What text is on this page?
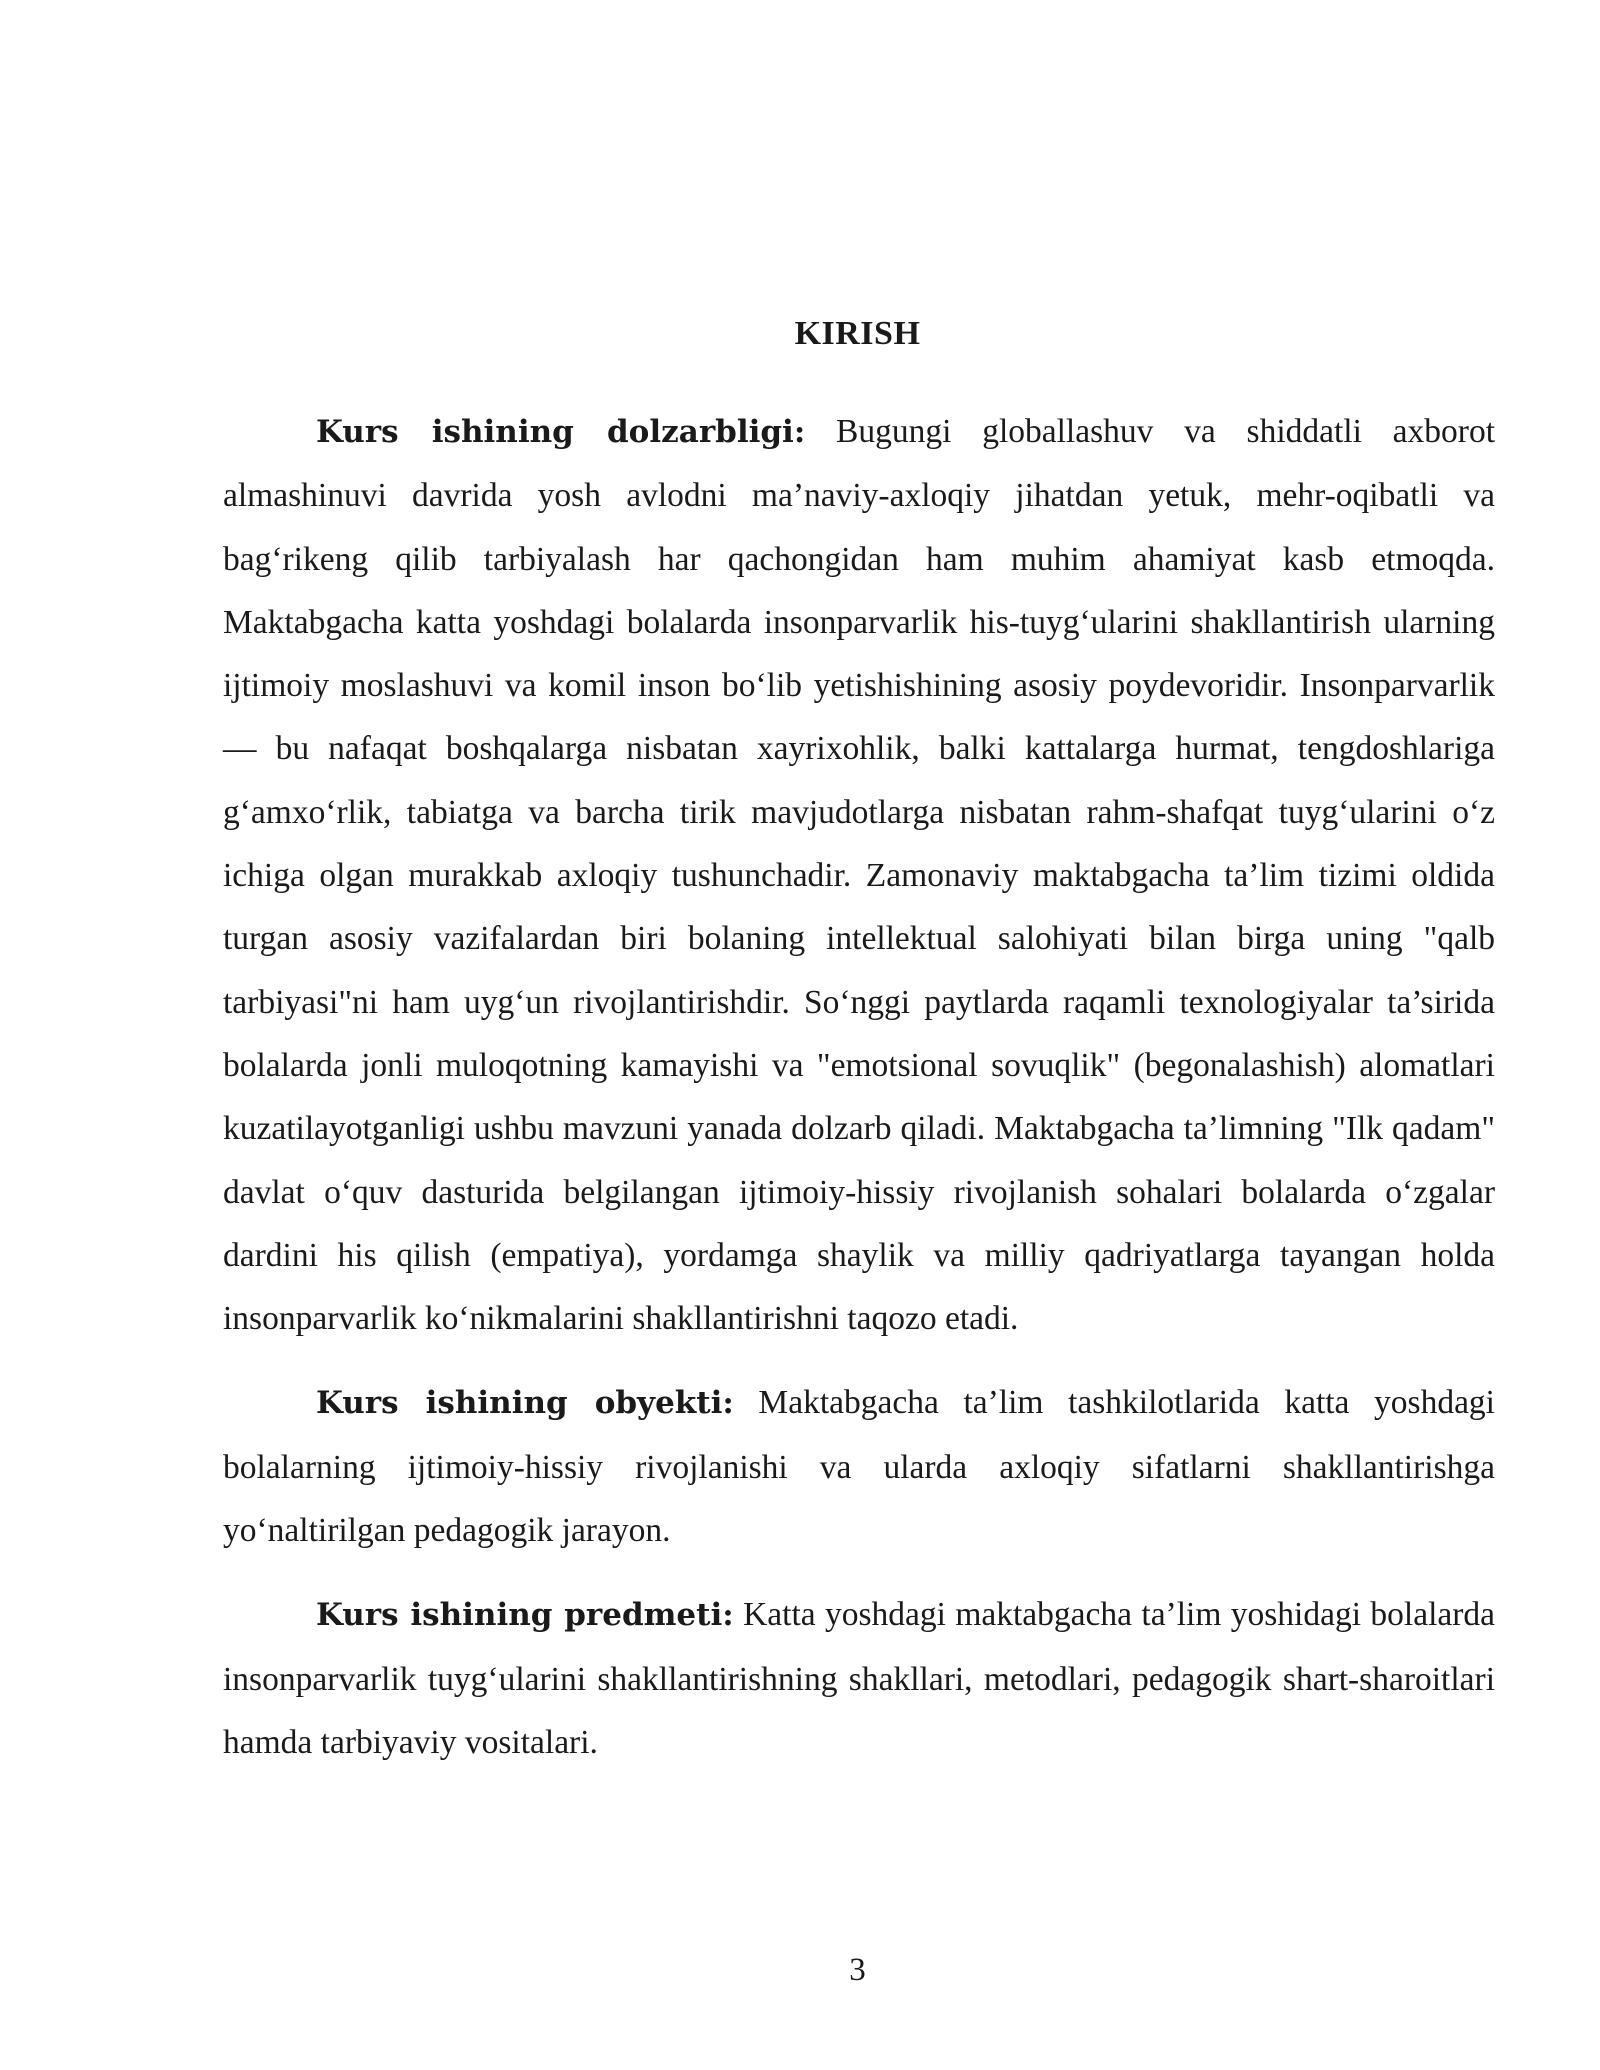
KIRISH

Kurs ishining dolzarbligi: Bugungi globallashuv va shiddatli axborot almashinuvi davrida yosh avlodni ma’naviy-axloqiy jihatdan yetuk, mehr-oqibatli va bag‘rikeng qilib tarbiyalash har qachongidan ham muhim ahamiyat kasb etmoqda. Maktabgacha katta yoshdagi bolalarda insonparvarlik his-tuyg‘ularini shakllantirish ularning ijtimoiy moslashuvi va komil inson bo‘lib yetishishining asosiy poydevoridir. Insonparvarlik — bu nafaqat boshqalarga nisbatan xayrixohlik, balki kattalarga hurmat, tengdoshlariga g‘amxo‘rlik, tabiatga va barcha tirik mavjudotlarga nisbatan rahm-shafqat tuyg‘ularini o‘z ichiga olgan murakkab axloqiy tushunchadir. Zamonaviy maktabgacha ta’lim tizimi oldida turgan asosiy vazifalardan biri bolaning intellektual salohiyati bilan birga uning "qalb tarbiyasi"ni ham uyg‘un rivojlantirishdir. So‘nggi paytlarda raqamli texnologiyalar ta’sirida bolalarda jonli muloqotning kamayishi va "emotsional sovuqlik" (begonalashish) alomatlari kuzatilayotganligi ushbu mavzuni yanada dolzarb qiladi. Maktabgacha ta’limning "Ilk qadam" davlat o‘quv dasturida belgilangan ijtimoiy-hissiy rivojlanish sohalari bolalarda o‘zgalar dardini his qilish (empatiya), yordamga shaylik va milliy qadriyatlarga tayangan holda insonparvarlik ko‘nikmalarini shakllantirishni taqozo etadi.

Kurs ishining obyekti: Maktabgacha ta’lim tashkilotlarida katta yoshdagi bolalarning ijtimoiy-hissiy rivojlanishi va ularda axloqiy sifatlarni shakllantirishga yo‘naltirilgan pedagogik jarayon.

Kurs ishining predmeti: Katta yoshdagi maktabgacha ta’lim yoshidagi bolalarda insonparvarlik tuyg‘ularini shakllantirishning shakllari, metodlari, pedagogik shart-sharoitlari hamda tarbiyaviy vositalari.

3
